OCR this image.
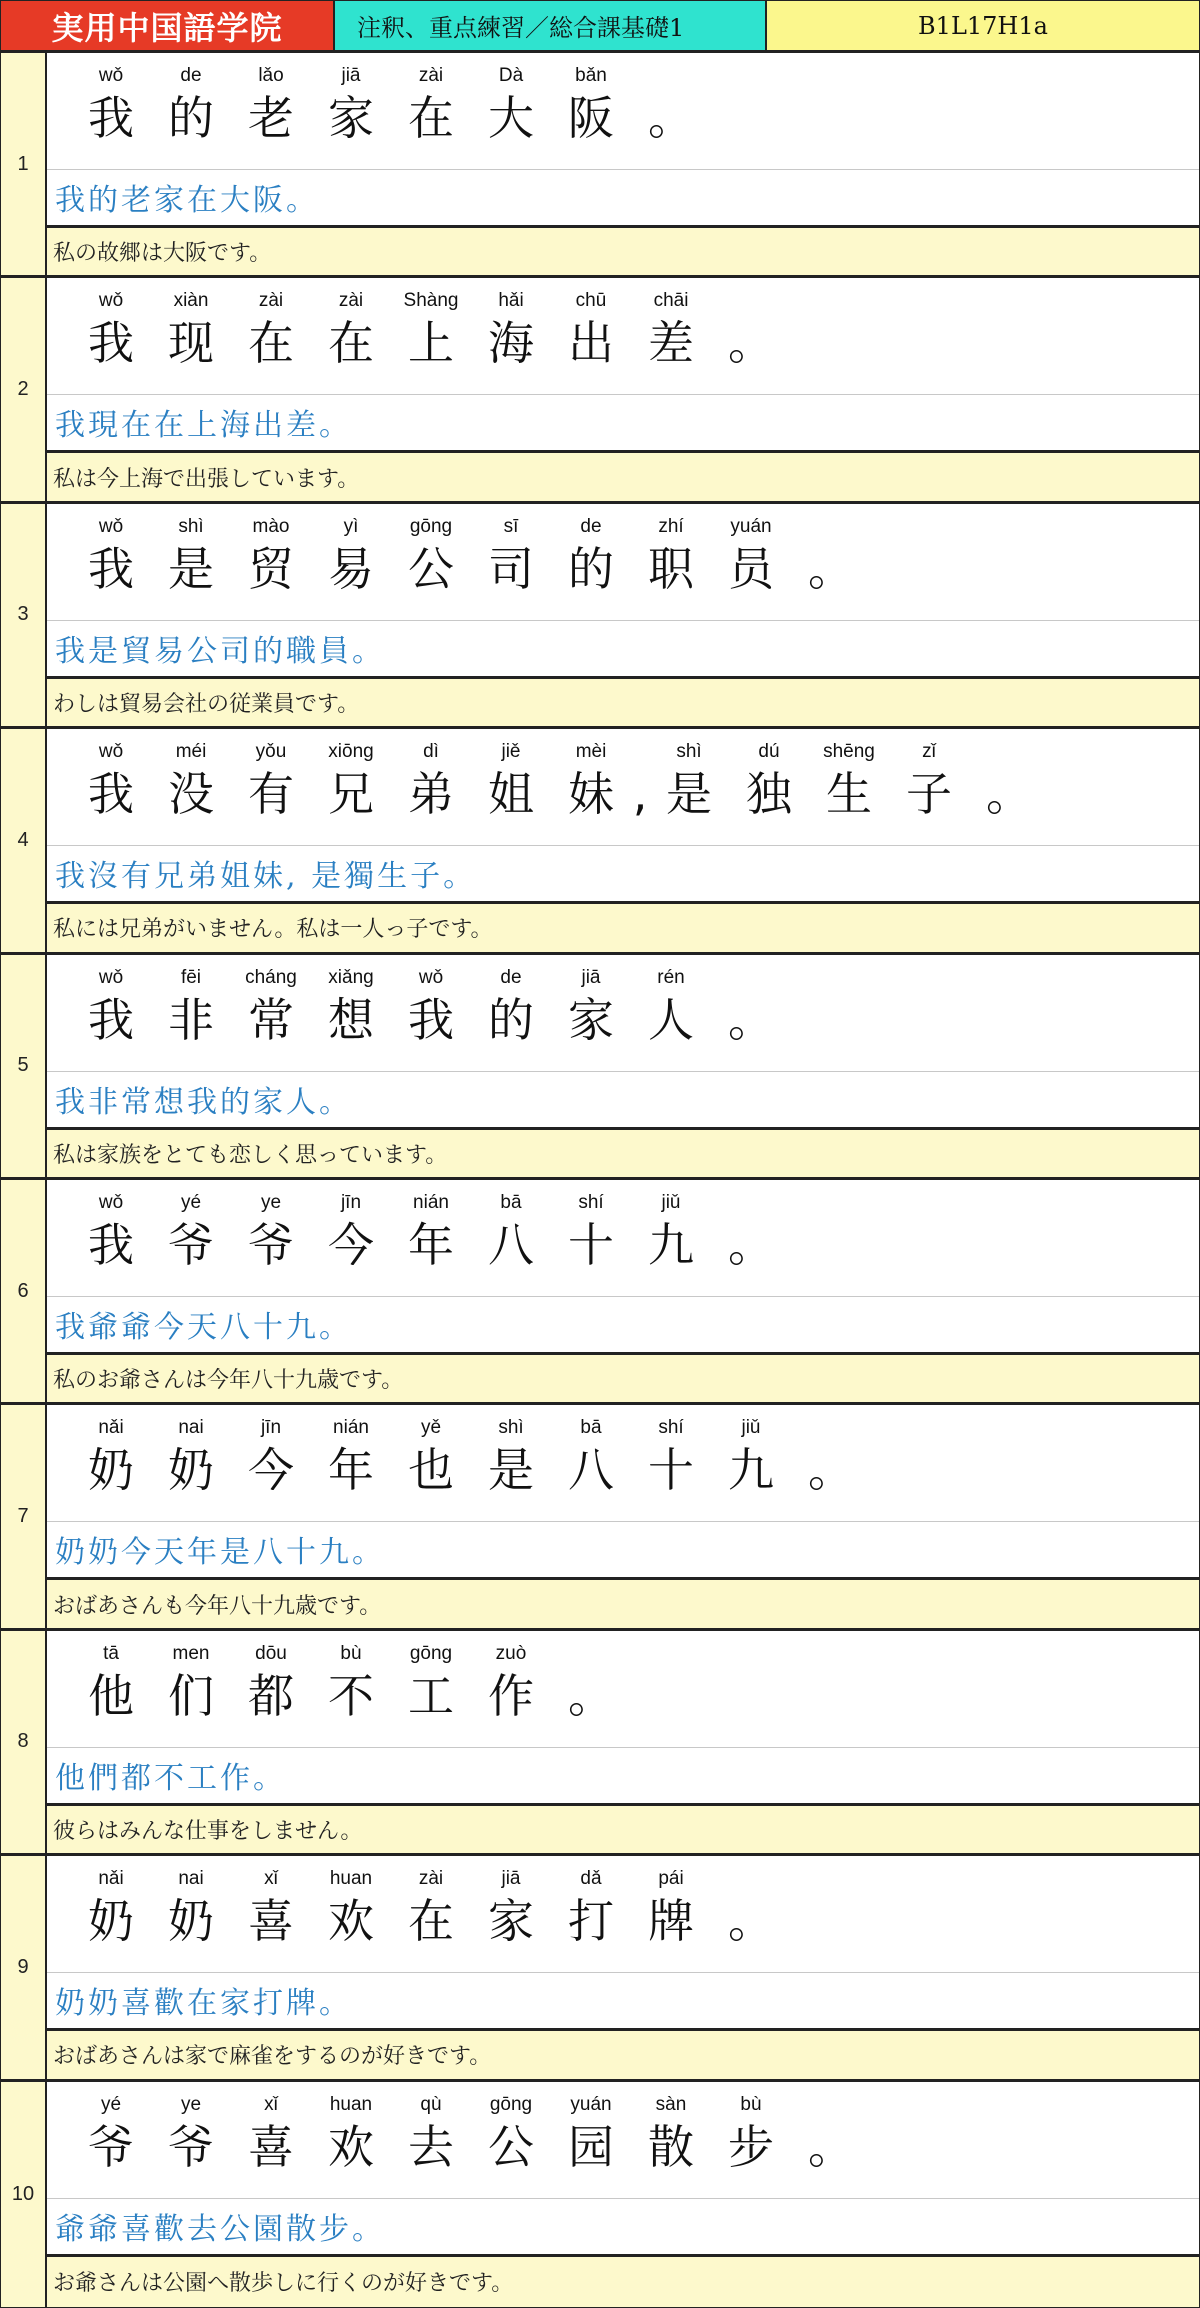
実用中国語学院	注釈、重点練習／総合課基礎1	B1L17H1a
1
wǒ
我
de
的
lǎo
老
jiā
家
zài
在
Dà
大
bǎn
阪 。
我的老家在大阪。
私の故郷は大阪です。
2
wǒ
我
xiàn
现
zài
在
zài
在
Shàng
上
hǎi
海
chū
出
chāi
差 。
我現在在上海出差。
私は今上海で出張しています。
3
wǒ
我
shì
是
mào
贸
yì
易
gōng
公
sī
司
de
的
zhí
职
yuán
员 。
我是貿易公司的職員。
わしは貿易会社の従業員です。
4
wǒ
我
méi
没
yǒu
有
xiōng
兄
dì
弟
jiě
姐
mèi
妹 ,
shì
是
dú
独
shēng
生
zǐ
子 。
我沒有兄弟姐妹, 是獨生子。
私には兄弟がいません。私は一人っ子です。
5
wǒ
我
fēi
非
cháng
常
xiǎng
想
wǒ
我
de
的
jiā
家
rén
人 。
我非常想我的家人。
私は家族をとても恋しく思っています。
6
wǒ
我
yé
爷
ye
爷
jīn
今
nián
年
bā
八
shí
十
jiǔ
九 。
我爺爺今天八十九。
私のお爺さんは今年八十九歳です。
7
nǎi
奶
nai
奶
jīn
今
nián
年
yě
也
shì
是
bā
八
shí
十
jiǔ
九 。
奶奶今天年是八十九。
おばあさんも今年八十九歳です。
8
tā
他
men
们
dōu
都
bù
不
gōng
工
zuò
作 。
他們都不工作。
彼らはみんな仕事をしません。
9
nǎi
奶
nai
奶
xǐ
喜
huan
欢
zài
在
jiā
家
dǎ
打
pái
牌 。
奶奶喜歡在家打牌。
おばあさんは家で麻雀をするのが好きです。
10
yé
爷
ye
爷
xǐ
喜
huan
欢
qù
去
gōng
公
yuán
园
sàn
散
bù
步 。
爺爺喜歡去公園散步。
お爺さんは公園へ散歩しに行くのが好きです。
